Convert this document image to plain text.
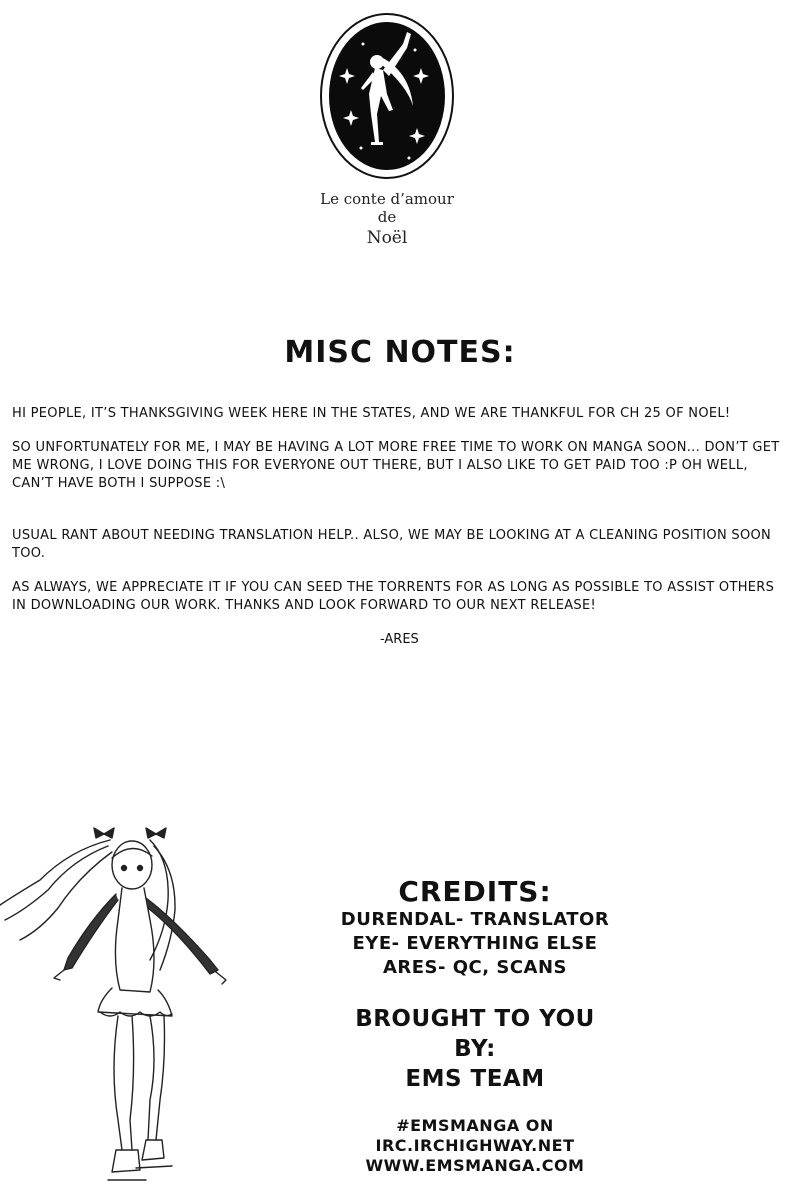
Le conte d’amour de
Noël
MISC NOTES:

HI PEOPLE, IT’S THANKSGIVING WEEK HERE IN THE STATES, AND WE ARE THANKFUL FOR CH 25 OF NOEL!

SO UNFORTUNATELY FOR ME, I MAY BE HAVING A LOT MORE FREE TIME TO WORK ON MANGA SOON... DON’T GET ME WRONG, I LOVE DOING THIS FOR EVERYONE OUT THERE, BUT I ALSO LIKE TO GET PAID TOO :P OH WELL, CAN’T HAVE BOTH I SUPPOSE :\

USUAL RANT ABOUT NEEDING TRANSLATION HELP.. ALSO, WE MAY BE LOOKING AT A CLEANING POSITION SOON TOO.

AS ALWAYS, WE APPRECIATE IT IF YOU CAN SEED THE TORRENTS FOR AS LONG AS POSSIBLE TO ASSIST OTHERS IN DOWNLOADING OUR WORK. THANKS AND LOOK FORWARD TO OUR NEXT RELEASE!

-ARES
CREDITS:
DURENDAL- TRANSLATOR
EYE- EVERYTHING ELSE
ARES- QC, SCANS
BROUGHT TO YOU
BY:
EMS TEAM
#EMSMANGA ON
IRC.IRCHIGHWAY.NET
WWW.EMSMANGA.COM
